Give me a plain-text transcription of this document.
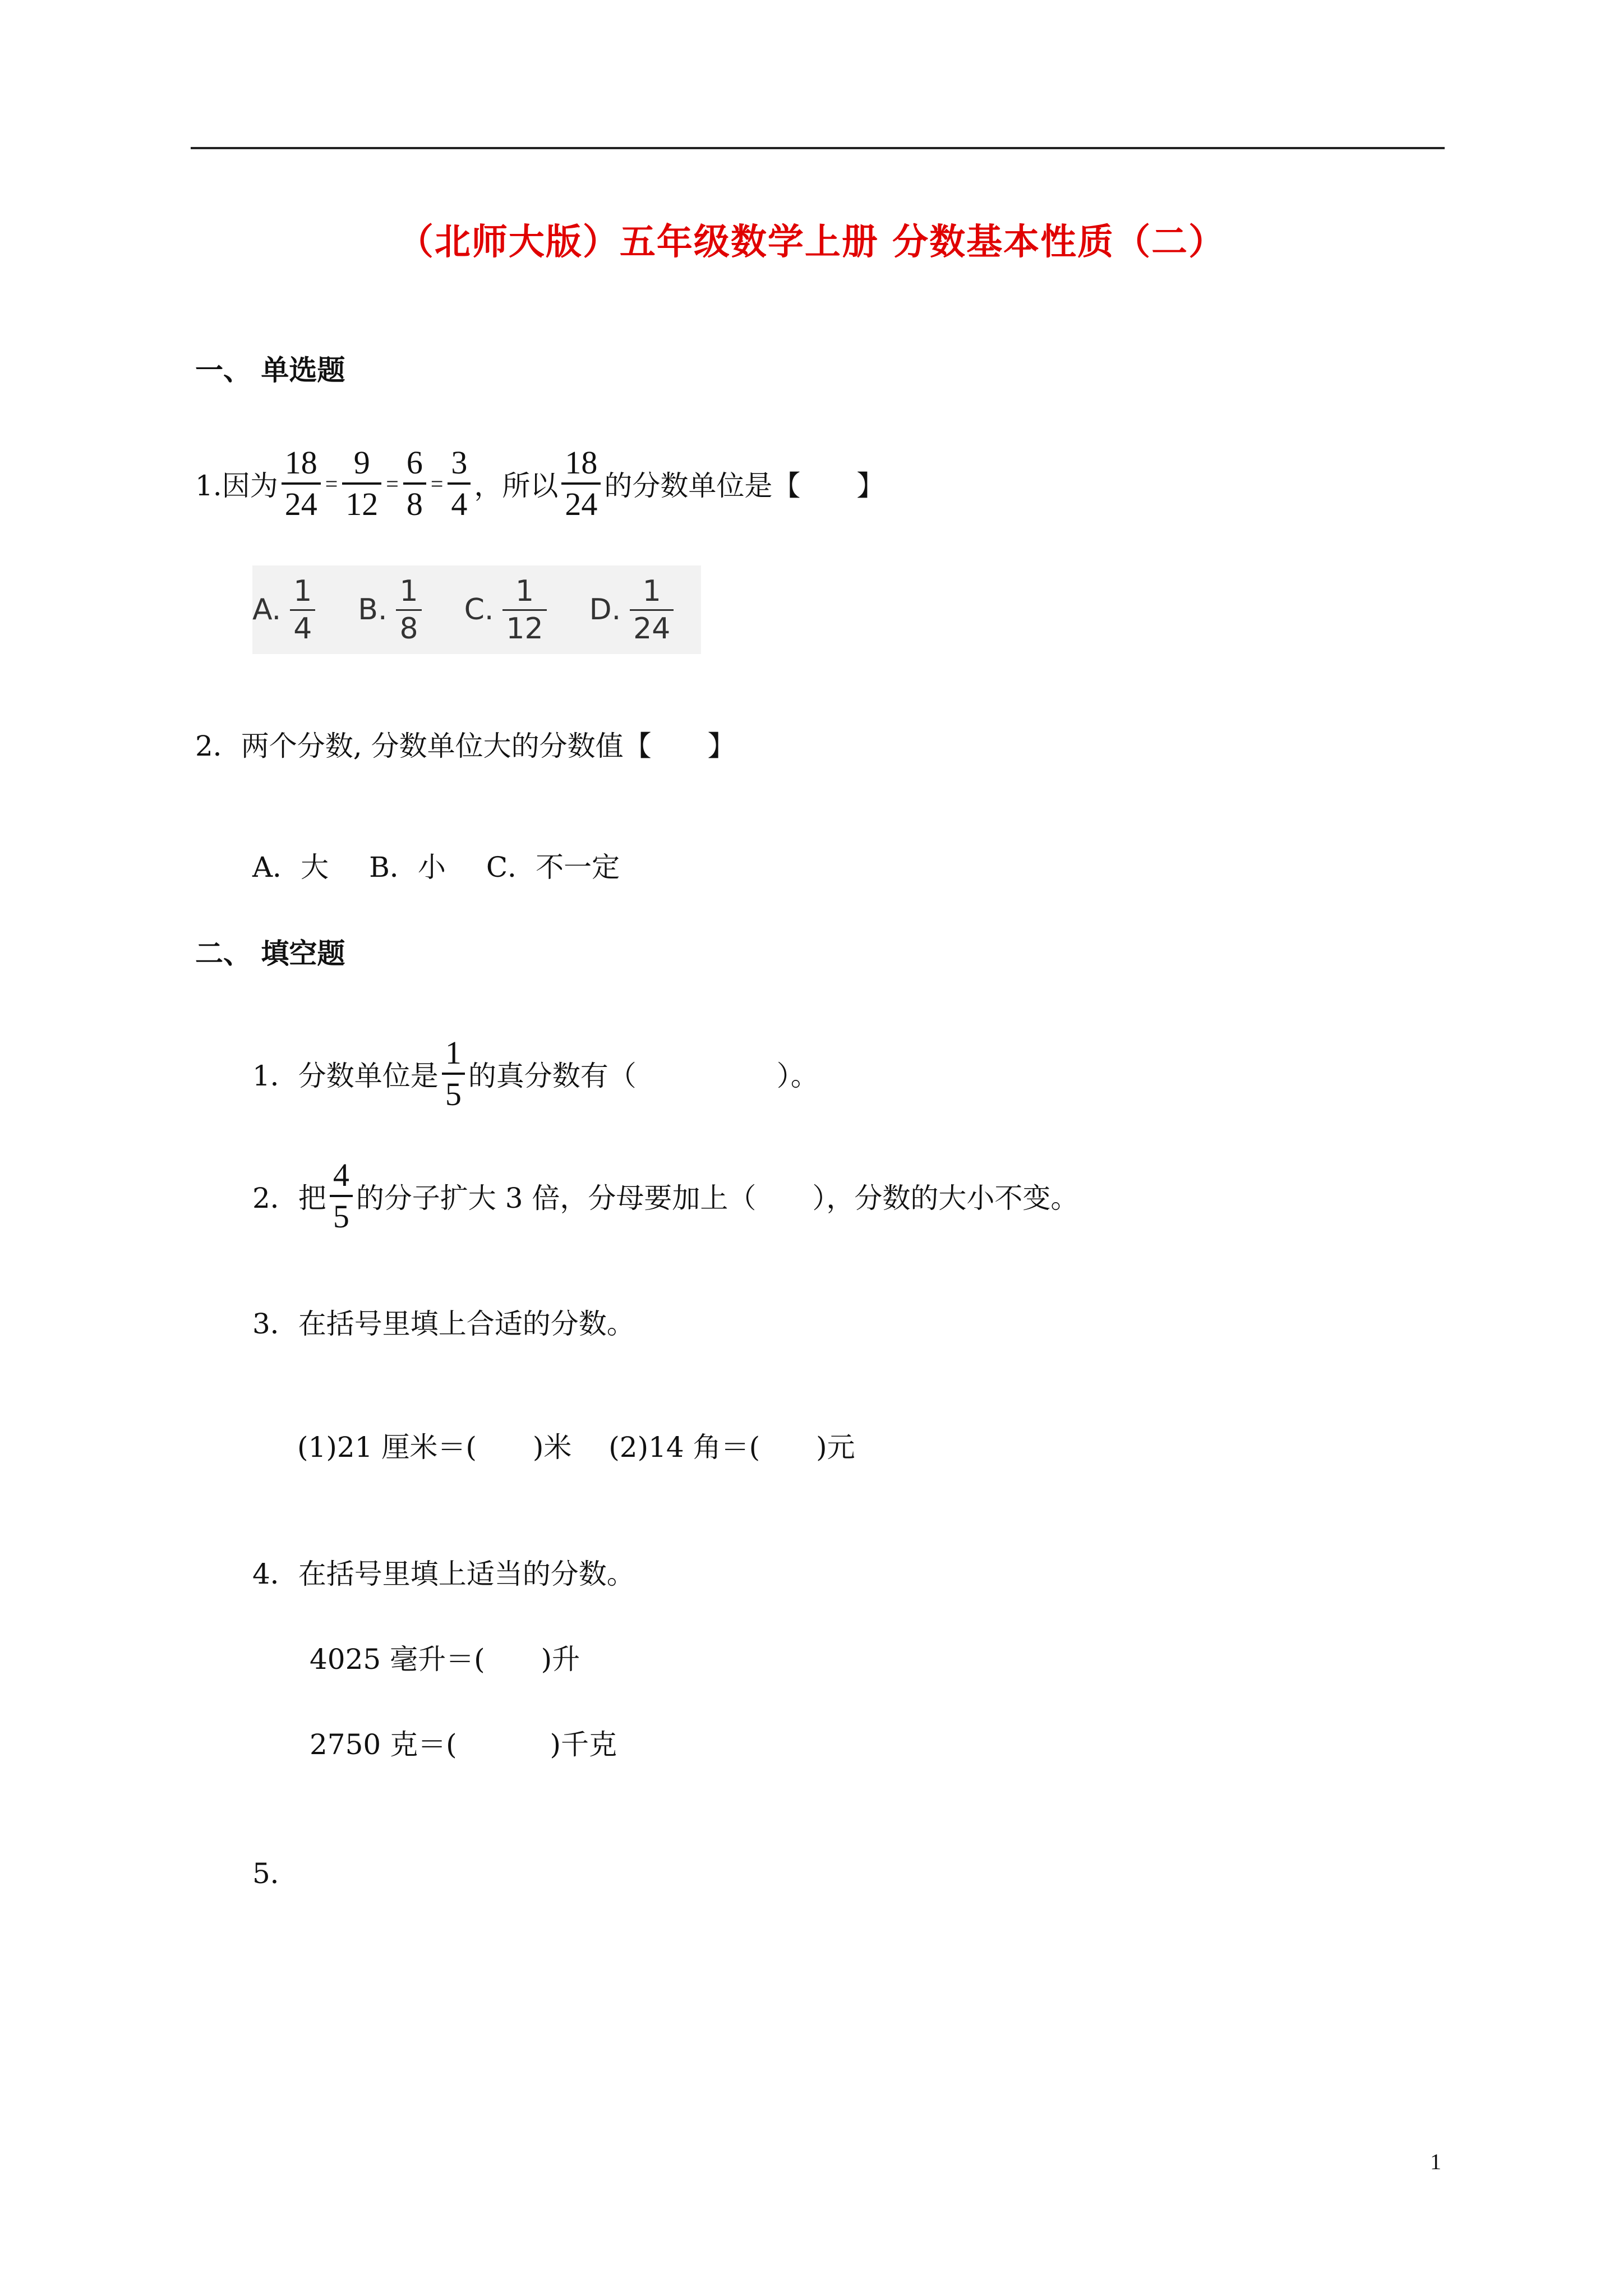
（北师大版）五年级数学上册 分数基本性质（二）
一、 单选题
1.因为 $\frac{18}{24} = \frac{9}{12} = \frac{6}{8} = \frac{3}{4}$ ，所以 $\frac{18}{24}$ 的分数单位是【　　】
A. $\frac{1}{4} B$. $\frac{1}{8} C$. $\frac{1}{12} D$. $\frac{1}{24}$
2．两个分数, 分数单位大的分数值【　　】
A．大 B．小 C．不一定
二、 填空题
1．分数单位是 $\frac{1}{5}$ 的真分数有（　　　　　）。
2．把 $\frac{4}{5}$ 的分子扩大 3 倍，分母要加上（　　），分数的大小不变。
3．在括号里填上合适的分数。
(1)21 厘米＝(　　)米　 (2)14 角＝(　　)元
4．在括号里填上适当的分数。
4025 毫升＝(　　)升
2750 克＝(　　　 )千克
5．
1
